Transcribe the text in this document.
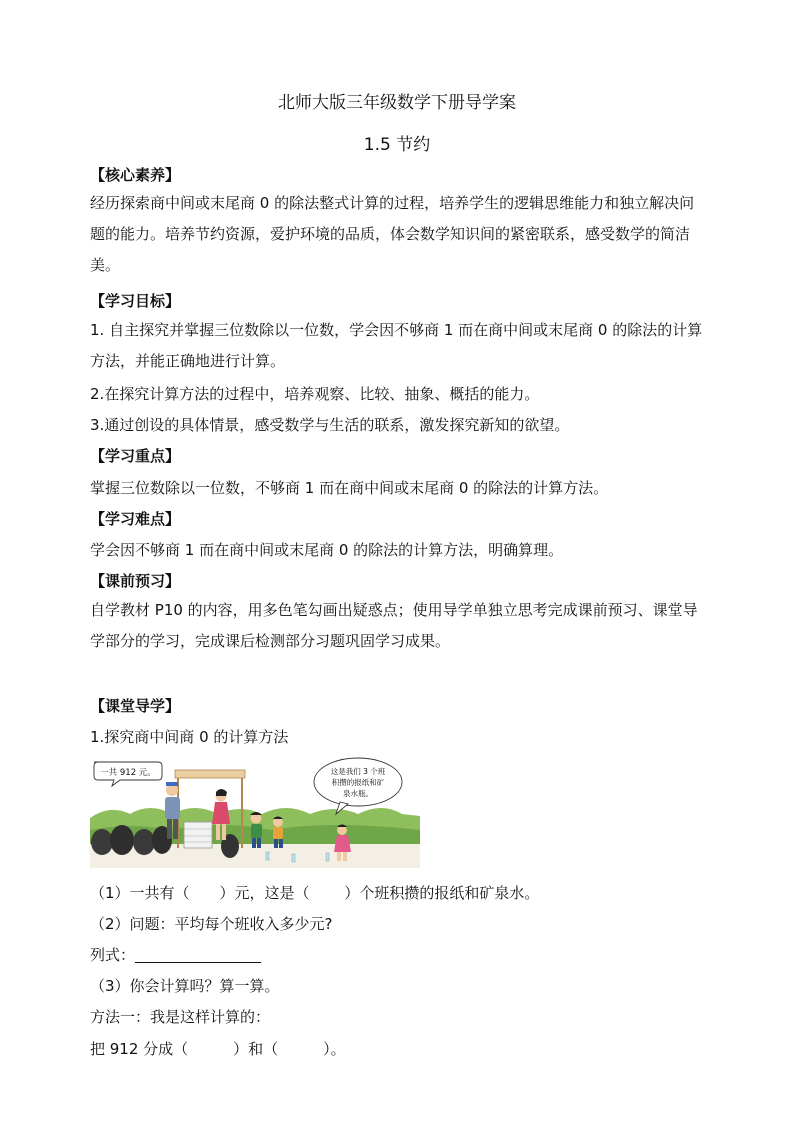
北师大版三年级数学下册导学案
1.5 节约
【核心素养】
经历探索商中间或末尾商 0 的除法整式计算的过程，培养学生的逻辑思维能力和独立解决问题的能力。培养节约资源，爱护环境的品质，体会数学知识间的紧密联系，感受数学的简洁美。
【学习目标】
1. 自主探究并掌握三位数除以一位数，学会因不够商 1 而在商中间或末尾商 0 的除法的计算方法，并能正确地进行计算。
2.在探究计算方法的过程中，培养观察、比较、抽象、概括的能力。
3.通过创设的具体情景，感受数学与生活的联系，激发探究新知的欲望。
【学习重点】
掌握三位数除以一位数，不够商 1 而在商中间或末尾商 0 的除法的计算方法。
【学习难点】
学会因不够商 1 而在商中间或末尾商 0 的除法的计算方法，明确算理。
【课前预习】
自学教材 P10 的内容，用多色笔勾画出疑惑点；使用导学单独立思考完成课前预习、课堂导学部分的学习，完成课后检测部分习题巩固学习成果。
【课堂导学】
1.探究商中间商 0 的计算方法
一共 912 元。	这是我们 3 个班
积攒的报纸和矿
泉水瓶。
（1）一共有（　　）元，这是（　　 ）个班积攒的报纸和矿泉水。
（2）问题：平均每个班收入多少元?
列式：
（3）你会计算吗？算一算。
方法一：我是这样计算的：
把 912 分成（　　　）和（　　　）。
